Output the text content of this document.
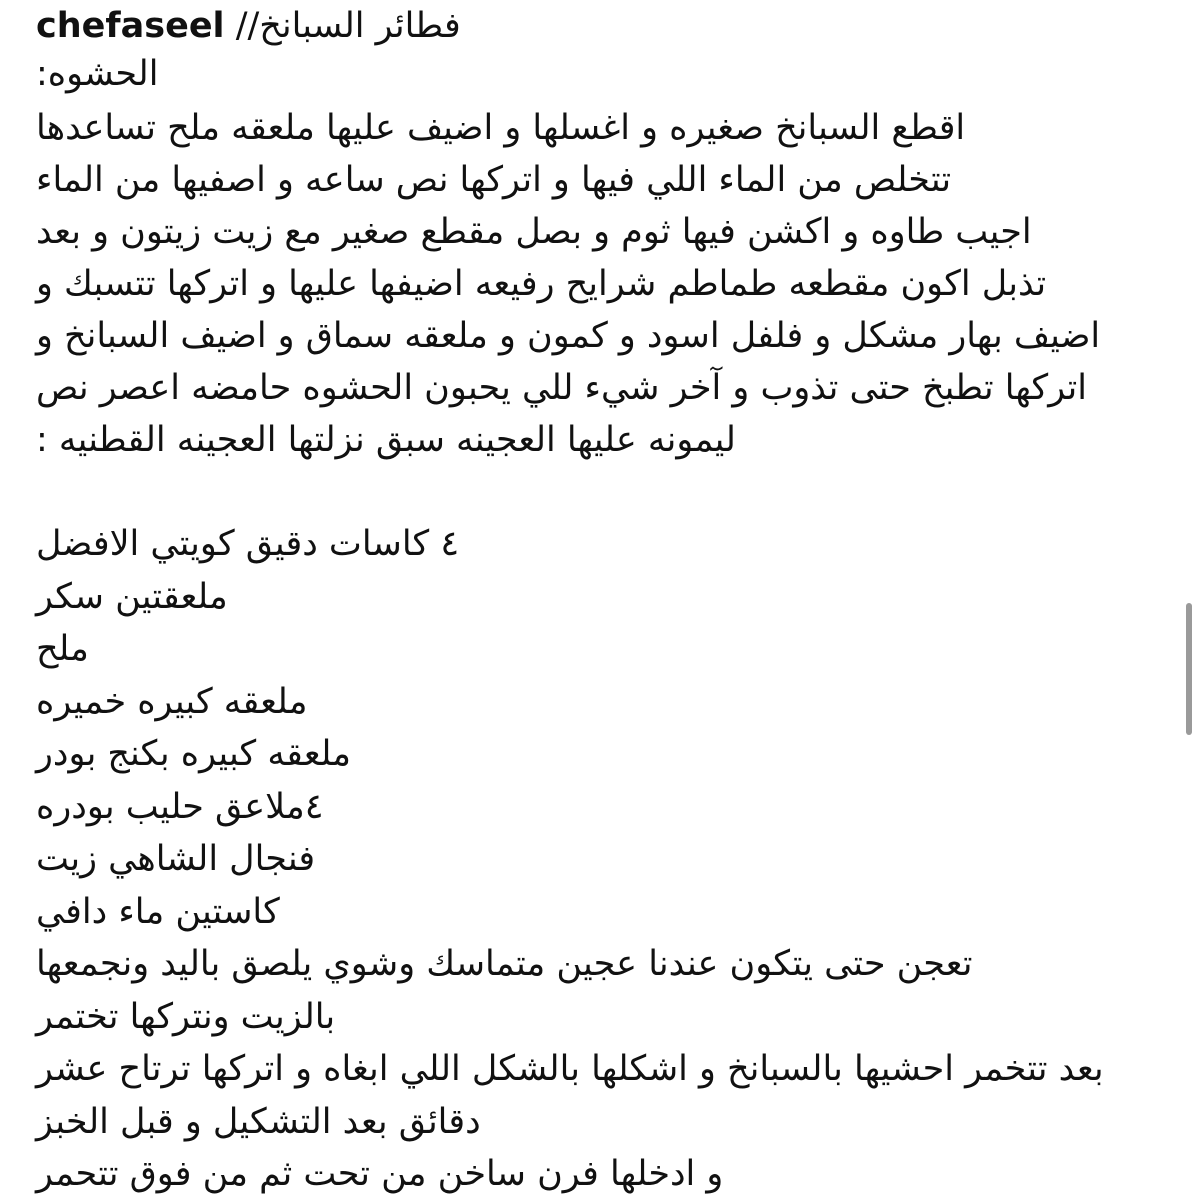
فطائر السبانخ// chefaseel
الحشوه:
اقطع السبانخ صغيره و اغسلها و اضيف عليها ملعقه ملح تساعدها
تتخلص من الماء اللي فيها و اتركها نص ساعه و اصفيها من الماء
اجيب طاوه و اكشن فيها ثوم و بصل مقطع صغير مع زيت زيتون و بعد
تذبل اكون مقطعه طماطم شرايح رفيعه اضيفها عليها و اتركها تتسبك و
اضيف بهار مشكل و فلفل اسود و كمون و ملعقه سماق و اضيف السبانخ و
اتركها تطبخ حتى تذوب و آخر شيء للي يحبون الحشوه حامضه اعصر نص
ليمونه عليها العجينه سبق نزلتها العجينه القطنيه :
٤ كاسات دقيق كويتي الافضل
ملعقتين سكر
ملح
ملعقه كبيره خميره
ملعقه كبيره بكنج بودر
٤ملاعق حليب بودره
فنجال الشاهي زيت
كاستين ماء دافي
تعجن حتى يتكون عندنا عجين متماسك وشوي يلصق باليد ونجمعها
بالزيت ونتركها تختمر
بعد تتخمر احشيها بالسبانخ و اشكلها بالشكل اللي ابغاه و اتركها ترتاح عشر
دقائق بعد التشكيل و قبل الخبز
و ادخلها فرن ساخن من تحت ثم من فوق تتحمر
